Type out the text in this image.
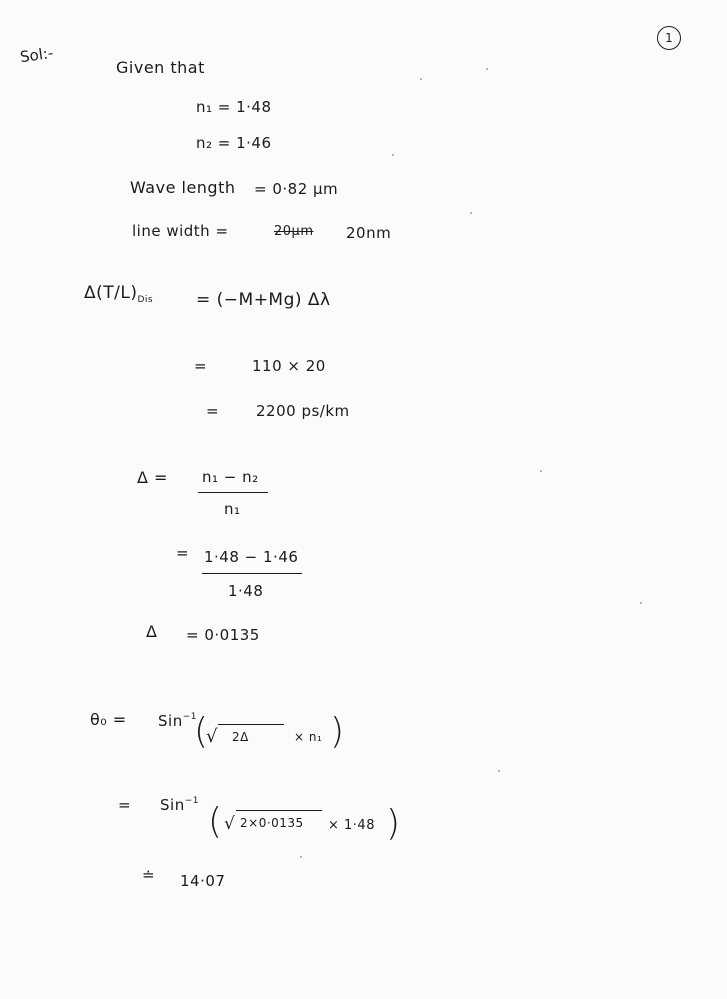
1
Sol:-
Given that
n₁ = 1·48
n₂ = 1·46
Wave length = 0·82 µm
line width =	20µm 20nm
$\Delta(T/L)_{Dis}$	= (−M+Mg) Δλ
=	110 × 20
= 2200 ps/km
Δ = n₁ − n₂
n₁
= 1·48 − 1·46
1·48
Δ = 0·0135
θ₀ = Sin$^{-1}$
(
√ 2Δ	× n₁ )
= Sin$^{-1}$ ( √ 2×0·0135 × 1·48 )
≐ 14·07
